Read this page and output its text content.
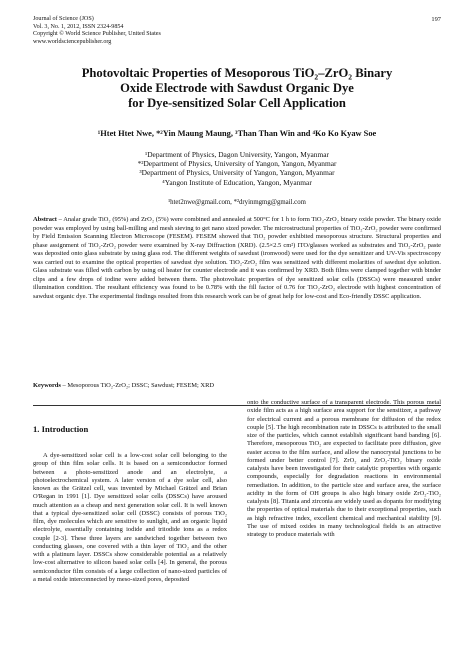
Journal of Science (JOS)
Vol. 3, No. 1, 2012, ISSN 2324-9854
Copyright © World Science Publisher, United States
www.worldsciencepublisher.org
197
Photovoltaic Properties of Mesoporous TiO₂–ZrO₂ Binary
Oxide Electrode with Sawdust Organic Dye
for Dye-sensitized Solar Cell Application
¹Htet Htet Nwe, *²Yin Maung Maung, ³Than Than Win and ⁴Ko Ko Kyaw Soe
¹Department of Physics, Dagon University, Yangon, Myanmar
*²Department of Physics, University of Yangon, Yangon, Myanmar
³Department of Physics, University of Yangon, Yangon, Myanmar
⁴Yangon Institute of Education, Yangon, Myanmar
¹htet2nwe@gmail.com, *²dryinmgmg@gmail.com
Abstract – Analar grade TiO₂ (95%) and ZrO₂ (5%) were combined and annealed at 500°C for 1 h to form TiO₂-ZrO₂ binary oxide powder. The binary oxide powder was employed by using ball-milling and mesh sieving to get nano sized powder. The microstructural properties of TiO₂-ZrO₂ powder were confirmed by Field Emission Scanning Electron Microscope (FESEM). FESEM showed that TiO₂ powder exhibited mesoporous structure. Structural properties and phase assignment of TiO₂-ZrO₂ powder were examined by X-ray Diffraction (XRD). (2.5×2.5 cm²) ITO/glasses worked as substrates and TiO₂-ZrO₂ paste was deposited onto glass substrate by using glass rod. The different weights of sawdust (ironwood) were used for the dye sensitizer and UV-Vis spectroscopy was carried out to examine the optical properties of sawdust dye solution. TiO₂-ZrO₂ film was sensitized with different molarities of sawdust dye solution. Glass substrate was filled with carbon by using oil heater for counter electrode and it was confirmed by XRD. Both films were clamped together with binder clips and a few drops of iodine were added between them. The photovoltaic properties of dye sensitized solar cells (DSSCs) were measured under illumination condition. The resultant efficiency was found to be 0.78% with the fill factor of 0.76 for TiO₂-ZrO₂ electrode with highest concentration of sawdust organic dye. The experimental findings resulted from this research work can be of great help for low-cost and Eco-friendly DSSC application.
Keywords – Mesoporous TiO₂-ZrO₂; DSSC; Sawdust; FESEM; XRD
1. Introduction
A dye-sensitized solar cell is a low-cost solar cell belonging to the group of thin film solar cells. It is based on a semiconductor formed between a photo-sensitized anode and an electrolyte, a photoelectrochemical system. A later version of a dye solar cell, also known as the Grätzel cell, was invented by Michael Grätzel and Brian O'Regan in 1991 [1]. Dye sensitized solar cells (DSSCs) have aroused much attention as a cheap and next generation solar cell. It is well known that a typical dye-sensitized solar cell (DSSC) consists of porous TiO₂ film, dye molecules which are sensitive to sunlight, and an organic liquid electrolyte, essentially containing iodide and triiodide ions as a redox couple [2-3]. These three layers are sandwiched together between two conducting glasses, one covered with a thin layer of TiO₂ and the other with a platinum layer. DSSCs show considerable potential as a relatively low-cost alternative to silicon based solar cells [4]. In general, the porous semiconductor film consists of a large collection of nano-sized particles of a metal oxide interconnected by meso-sized pores, deposited
onto the conductive surface of a transparent electrode. This porous metal oxide film acts as a high surface area support for the sensitizer, a pathway for electrical current and a porous membrane for diffusion of the redox couple [5]. The high recombination rate in DSSCs is attributed to the small size of the particles, which cannot establish significant band banding [6]. Therefore, mesoporous TiO₂ are expected to facilitate pore diffusion, give easier access to the film surface, and allow the nanocrystal junctions to be formed under better control [7]. ZrO₂ and ZrO₂-TiO₂ binary oxide catalysts have been investigated for their catalytic properties with organic compounds, especially for degradation reactions in environmental remediation. In addition, to the particle size and surface area, the surface acidity in the form of OH groups is also high binary oxide ZrO₂-TiO₂ catalysts [8]. Titania and zirconia are widely used as dopants for modifying the properties of optical materials due to their exceptional properties, such as high refractive index, excellent chemical and mechanical stability [9]. The use of mixed oxides in many technological fields is an attractive strategy to produce materials with
